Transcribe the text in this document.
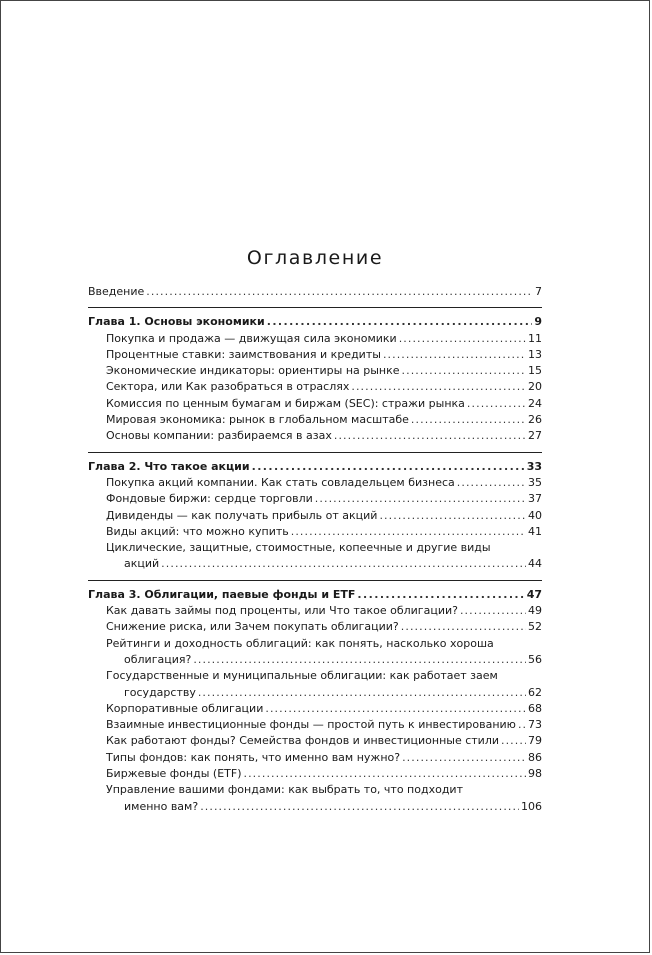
Оглавление
Введение . . .	7
Глава 1. Основы экономики . . .	9
Покупка и продажа — движущая сила экономики . . .	11
Процентные ставки: заимствования и кредиты . . .	13
Экономические индикаторы: ориентиры на рынке . . .	15
Сектора, или Как разобраться в отраслях . . .	20
Комиссия по ценным бумагам и биржам (SEC): стражи рынка . . .	24
Мировая экономика: рынок в глобальном масштабе . . .	26
Основы компании: разбираемся в азах . . .	27
Глава 2. Что такое акции . . .	33
Покупка акций компании. Как стать совладельцем бизнеса . . .	35
Фондовые биржи: сердце торговли . . .	37
Дивиденды — как получать прибыль от акций . . .	40
Виды акций: что можно купить . . .	41
Циклические, защитные, стоимостные, копеечные и другие виды
акций . . .	44
Глава 3. Облигации, паевые фонды и ETF . . .	47
Как давать займы под проценты, или Что такое облигации? . . .	49
Снижение риска, или Зачем покупать облигации? . . .	52
Рейтинги и доходность облигаций: как понять, насколько хороша
облигация? . . .	56
Государственные и муниципальные облигации: как работает заем
государству . . .	62
Корпоративные облигации . . .	68
Взаимные инвестиционные фонды — простой путь к инвестированию . . . 73
Как работают фонды? Семейства фондов и инвестиционные стили . . .	79
Типы фондов: как понять, что именно вам нужно? . . .	86
Биржевые фонды (ETF) . . .	98
Управление вашими фондами: как выбрать то, что подходит
именно вам? . . .	106
